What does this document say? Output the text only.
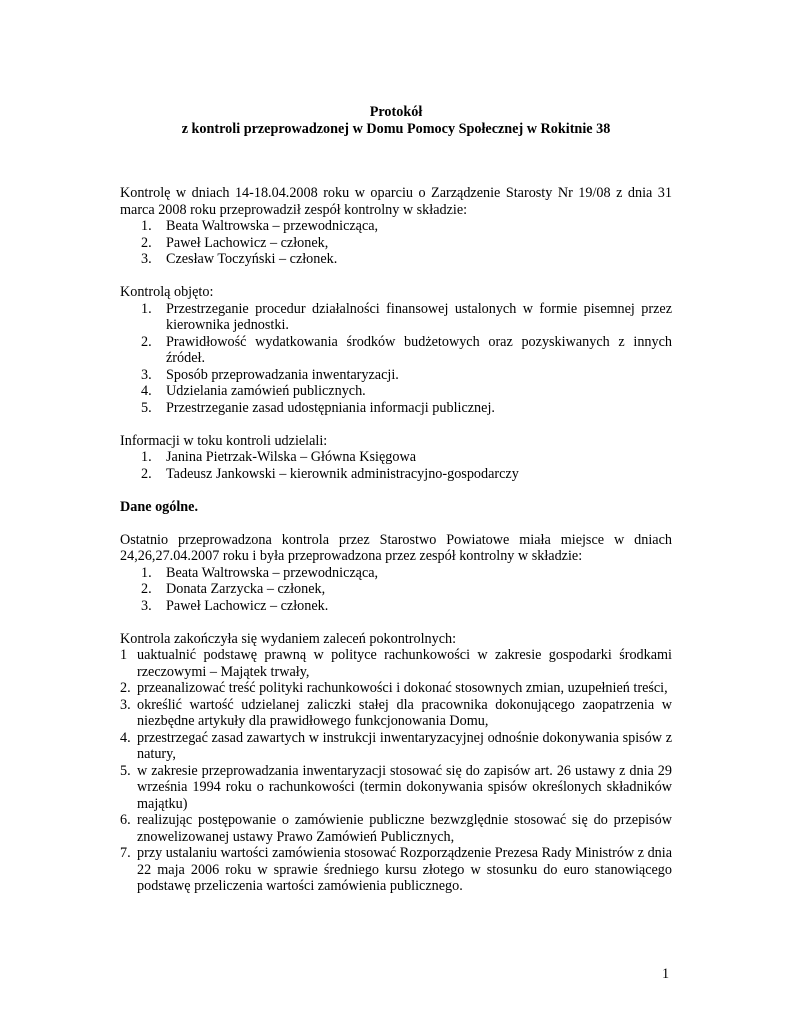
Protokół

z kontroli przeprowadzonej w Domu Pomocy Społecznej w Rokitnie 38

Kontrolę w dniach 14-18.04.2008 roku w oparciu o Zarządzenie Starosty Nr 19/08 z dnia 31 marca 2008 roku przeprowadził zespół kontrolny w składzie:

1. Beata Waltrowska – przewodnicząca,
2. Paweł Lachowicz – członek,
3. Czesław Toczyński – członek.

Kontrolą objęto:

1. Przestrzeganie procedur działalności finansowej ustalonych w formie pisemnej przez kierownika jednostki.
2. Prawidłowość wydatkowania środków budżetowych oraz pozyskiwanych z innych źródeł.
3. Sposób przeprowadzania inwentaryzacji.
4. Udzielania zamówień publicznych.
5. Przestrzeganie zasad udostępniania informacji publicznej.

Informacji w toku kontroli udzielali:

1. Janina Pietrzak-Wilska – Główna Księgowa
2. Tadeusz Jankowski – kierownik administracyjno-gospodarczy

Dane ogólne.

Ostatnio przeprowadzona kontrola przez Starostwo Powiatowe miała miejsce w dniach 24,26,27.04.2007 roku i była przeprowadzona przez zespół kontrolny w składzie:

1. Beata Waltrowska – przewodnicząca,
2. Donata Zarzycka – członek,
3. Paweł Lachowicz – członek.

Kontrola zakończyła się wydaniem zaleceń pokontrolnych:

1 uaktualnić podstawę prawną w polityce rachunkowości w zakresie gospodarki środkami rzeczowymi – Majątek trwały,
2. przeanalizować treść polityki rachunkowości i dokonać stosownych zmian, uzupełnień treści,
3. określić wartość udzielanej zaliczki stałej dla pracownika dokonującego zaopatrzenia w niezbędne artykuły dla prawidłowego funkcjonowania Domu,
4. przestrzegać zasad zawartych w instrukcji inwentaryzacyjnej odnośnie dokonywania spisów z natury,
5. w zakresie przeprowadzania inwentaryzacji stosować się do zapisów art. 26 ustawy z dnia 29 września 1994 roku o rachunkowości (termin dokonywania spisów określonych składników majątku)
6. realizując postępowanie o zamówienie publiczne bezwzględnie stosować się do przepisów znowelizowanej ustawy Prawo Zamówień Publicznych,
7. przy ustalaniu wartości zamówienia stosować Rozporządzenie Prezesa Rady Ministrów z dnia 22 maja 2006 roku w sprawie średniego kursu złotego w stosunku do euro stanowiącego podstawę przeliczenia wartości zamówienia publicznego.
1
